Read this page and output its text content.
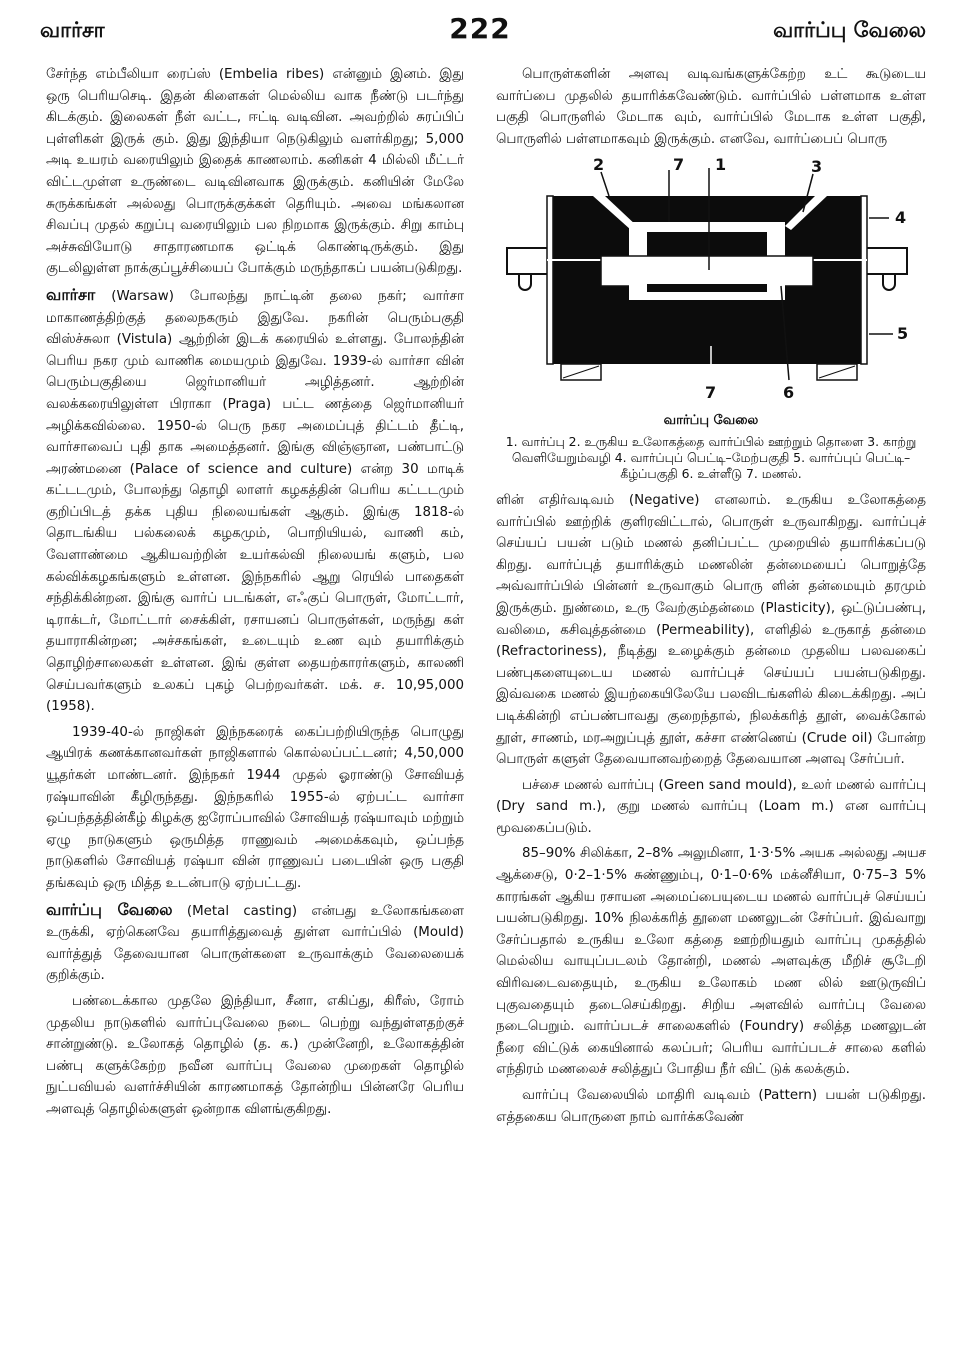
வார்சா	222	வார்ப்பு வேலை

சேர்ந்த எம்பீலியா ரைப்ஸ் (Embelia ribes) என்னும் இனம். இது ஒரு பெரியசெடி. இதன் கிளைகள் மெல்லிய வாக நீண்டு படர்ந்து கிடக்கும். இலைகள் நீள் வட்ட, ஈட்டி வடிவின. அவற்றில் சுரப்பிப் புள்ளிகள் இருக் கும். இது இந்தியா நெடுகிலும் வளர்கிறது; 5,000 அடி உயரம் வரையிலும் இதைக் காணலாம். கனிகள் 4 மில்லி மீட்டர் விட்டமுள்ள உருண்டை வடிவினவாக இருக்கும். கனியின் மேலே சுருக்கங்கள் அல்லது பொருக்குக்கள் தெரியும். அவை மங்கலான சிவப்பு முதல் கறுப்பு வரையிலும் பல நிறமாக இருக்கும். சிறு காம்பு அச்சுவியோடு சாதாரணமாக ஒட்டிக் கொண்டிருக்கும். இது குடலிலுள்ள நாக்குப்பூச்சியைப் போக்கும் மருந்தாகப் பயன்படுகிறது.

வார்சா (Warsaw) போலந்து நாட்டின் தலை நகர்; வார்சா மாகாணத்திற்குத் தலைநகரும் இதுவே. நகரின் பெரும்பகுதி விஸ்ச்சுலா (Vistula) ஆற்றின் இடக் கரையில் உள்ளது. போலந்தின் பெரிய நகர மும் வாணிக மையமும் இதுவே. 1939-ல் வார்சா வின் பெரும்பகுதியை ஜெர்மானியர் அழித்தனர். ஆற்றின் வலக்கரையிலுள்ள பிராகா (Praga) பட்ட ணத்தை ஜெர்மானியர் அழிக்கவில்லை. 1950-ல் பெரு நகர அமைப்புத் திட்டம் தீட்டி, வார்சாவைப் புதி தாக அமைத்தனர். இங்கு விஞ்ஞான, பண்பாட்டு அரண்மனை (Palace of science and culture) என்ற 30 மாடிக் கட்டடமும், போலந்து தொழி லாளர் கழகத்தின் பெரிய கட்டடமும் குறிப்பிடத் தக்க புதிய நிலையங்கள் ஆகும். இங்கு 1818-ல் தொடங்கிய பல்கலைக் கழகமும், பொறியியல், வாணி கம், வேளாண்மை ஆகியவற்றின் உயர்கல்வி நிலையங் களும், பல கல்விக்கழகங்களும் உள்ளன. இந்நகரில் ஆறு ரெயில் பாதைகள் சந்திக்கின்றன. இங்கு வார்ப் படங்கள், எஃகுப் பொருள், மோட்டார், டிராக்டர், மோட்டார் சைக்கிள், ரசாயனப் பொருள்கள், மருந்து கள் தயாராகின்றன; அச்சகங்கள், உடையும் உண வும் தயாரிக்கும் தொழிற்சாலைகள் உள்ளன. இங் குள்ள தையற்காரர்களும், காலணி செய்பவர்களும் உலகப் புகழ் பெற்றவர்கள். மக். ச. 10,95,000 (1958).

1939-40-ல் நாஜிகள் இந்நகரைக் கைப்பற்றியிருந்த பொழுது ஆயிரக் கணக்கானவர்கள் நாஜிகளால் கொல்லப்பட்டனர்; 4,50,000 யூதர்கள் மாண்டனர். இந்நகர் 1944 முதல் ஓராண்டு சோவியத் ரஷ்யாவின் கீழிருந்தது. இந்நகரில் 1955-ல் ஏற்பட்ட வார்சா ஒப்பந்தத்தின்கீழ் கிழக்கு ஐரோப்பாவில் சோவியத் ரஷ்யாவும் மற்றும் ஏழு நாடுகளும் ஒருமித்த ராணுவம் அமைக்கவும், ஒப்பந்த நாடுகளில் சோவியத் ரஷ்யா வின் ராணுவப் படையின் ஒரு பகுதி தங்கவும் ஒரு மித்த உடன்பாடு ஏற்பட்டது.

வார்ப்பு வேலை (Metal casting) என்பது உலோகங்களை உருக்கி, ஏற்கெனவே தயாரித்துவைத் துள்ள வார்ப்பில் (Mould) வார்த்துத் தேவையான பொருள்களை உருவாக்கும் வேலையைக் குறிக்கும்.

பண்டைக்கால முதலே இந்தியா, சீனா, எகிப்து, கிரீஸ், ரோம் முதலிய நாடுகளில் வார்ப்புவேலை நடை பெற்று வந்துள்ளதற்குச் சான்றுண்டு. உலோகத் தொழில் (த. க.) முன்னேறி, உலோகத்தின் பண்பு களுக்கேற்ற நவீன வார்ப்பு வேலை முறைகள் தொழில் நுட்பவியல் வளர்ச்சியின் காரணமாகத் தோன்றிய பின்னரே பெரிய அளவுத் தொழில்களுள் ஒன்றாக விளங்குகிறது.

பொருள்களின் அளவு வடிவங்களுக்கேற்ற உட் கூடுடைய வார்ப்பை முதலில் தயாரிக்கவேண்டும். வார்ப்பில் பள்ளமாக உள்ள பகுதி பொருளில் மேடாக வும், வார்ப்பில் மேடாக உள்ள பகுதி, பொருளில் பள்ளமாகவும் இருக்கும். எனவே, வார்ப்பைப் பொரு

2	7 1	3
4
5
7	6
வார்ப்பு வேலை
1. வார்ப்பு 2. உருகிய உலோகத்தை வார்ப்பில் ஊற்றும் தொளை 3. காற்று வெளியேறும்வழி 4. வார்ப்புப் பெட்டி–மேற்பகுதி 5. வார்ப்புப் பெட்டி–கீழ்ப்பகுதி 6. உள்ளீடு 7. மணல்.

ளின் எதிர்வடிவம் (Negative) எனலாம். உருகிய உலோகத்தை வார்ப்பில் ஊற்றிக் குளிரவிட்டால், பொருள் உருவாகிறது. வார்ப்புச் செய்யப் பயன் படும் மணல் தனிப்பட்ட முறையில் தயாரிக்கப்படு கிறது. வார்ப்புத் தயாரிக்கும் மணலின் தன்மையைப் பொறுத்தே அவ்வார்ப்பில் பின்னர் உருவாகும் பொரு ளின் தன்மையும் தரமும் இருக்கும். நுண்மை, உரு வேற்கும்தன்மை (Plasticity), ஒட்டுப்பண்பு, வலிமை, கசிவுத்தன்மை (Permeability), எளிதில் உருகாத் தன்மை (Refractoriness), நீடித்து உழைக்கும் தன்மை முதலிய பலவகைப் பண்புகளையுடைய மணல் வார்ப்புச் செய்யப் பயன்படுகிறது. இவ்வகை மணல் இயற்கையிலேயே பலவிடங்களில் கிடைக்கிறது. அப் படிக்கின்றி எப்பண்பாவது குறைந்தால், நிலக்கரித் தூள், வைக்கோல் தூள், சாணம், மரஅறுப்புத் தூள், கச்சா எண்ணெய் (Crude oil) போன்ற பொருள் களுள் தேவையானவற்றைத் தேவையான அளவு சேர்ப்பர்.

பச்சை மணல் வார்ப்பு (Green sand mould), உலர் மணல் வார்ப்பு (Dry sand m.), குறு மணல் வார்ப்பு (Loam m.) என வார்ப்பு மூவகைப்படும்.

85–90% சிலிக்கா, 2–8% அலுமினா, 1·3·5% அயக அல்லது அயச ஆக்சைடு, 0·2–1·5% சுண்ணும்பு, 0·1–0·6% மக்னீசியா, 0·75–3 5% காரங்கள் ஆகிய ரசாயன அமைப்பையுடைய மணல் வார்ப்புச் செய்யப் பயன்படுகிறது. 10% நிலக்கரித் தூளை மணலுடன் சேர்ப்பர். இவ்வாறு சேர்ப்பதால் உருகிய உலோ கத்தை ஊற்றியதும் வார்ப்பு முகத்தில் மெல்லிய வாயுப்படலம் தோன்றி, மணல் அளவுக்கு மீறிச் சூடேறி விரிவடைவதையும், உருகிய உலோகம் மண லில் ஊடுருவிப் புகுவதையும் தடைசெய்கிறது. சிறிய அளவில் வார்ப்பு வேலை நடைபெறும். வார்ப்படச் சாலைகளில் (Foundry) சலித்த மணலுடன் நீரை விட்டுக் கையினால் கலப்பர்; பெரிய வார்ப்படச் சாலை களில் எந்திரம் மணலைச் சலித்துப் போதிய நீர் விட் டுக் கலக்கும்.

வார்ப்பு வேலையில் மாதிரி வடிவம் (Pattern) பயன் படுகிறது. எத்தகைய பொருளை நாம் வார்க்கவேண்
